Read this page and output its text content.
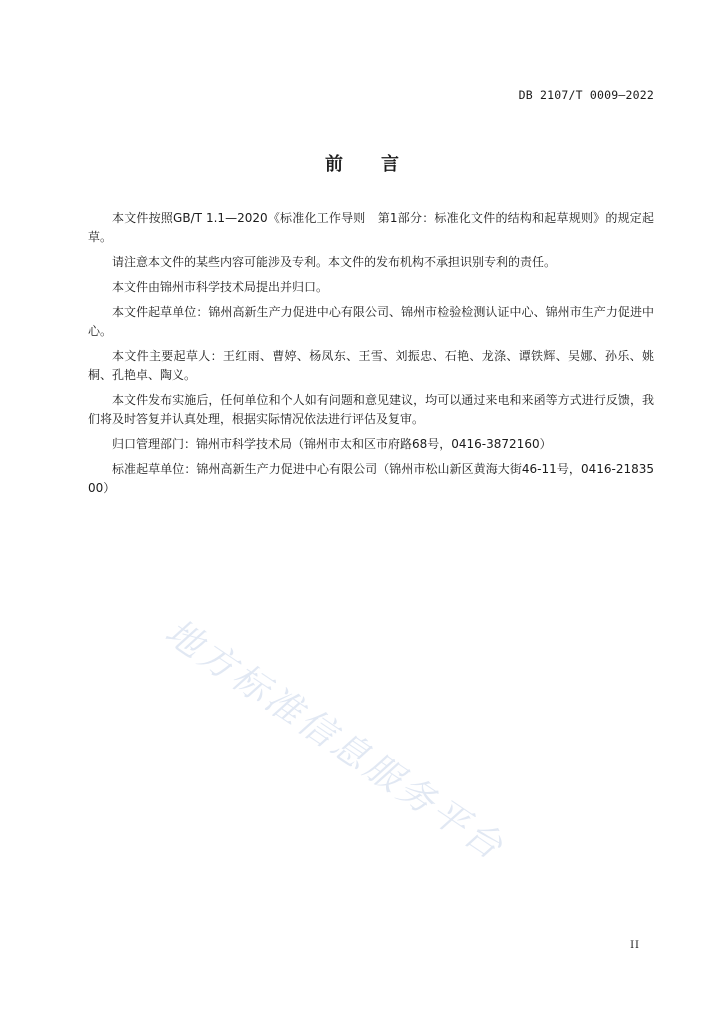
DB 2107/T 0009—2022
前言

本文件按照GB/T 1.1—2020《标准化工作导则　第1部分：标准化文件的结构和起草规则》的规定起草。

请注意本文件的某些内容可能涉及专利。本文件的发布机构不承担识别专利的责任。

本文件由锦州市科学技术局提出并归口。

本文件起草单位：锦州高新生产力促进中心有限公司、锦州市检验检测认证中心、锦州市生产力促进中心。

本文件主要起草人：王红雨、曹婷、杨凤东、王雪、刘振忠、石艳、龙涤、谭铁辉、吴娜、孙乐、姚桐、孔艳卓、陶义。

本文件发布实施后，任何单位和个人如有问题和意见建议，均可以通过来电和来函等方式进行反馈，我们将及时答复并认真处理，根据实际情况依法进行评估及复审。

归口管理部门：锦州市科学技术局（锦州市太和区市府路68号，0416-3872160）

标准起草单位：锦州高新生产力促进中心有限公司（锦州市松山新区黄海大街46-11号，0416-2183500）

地方标准信息服务平台
II
